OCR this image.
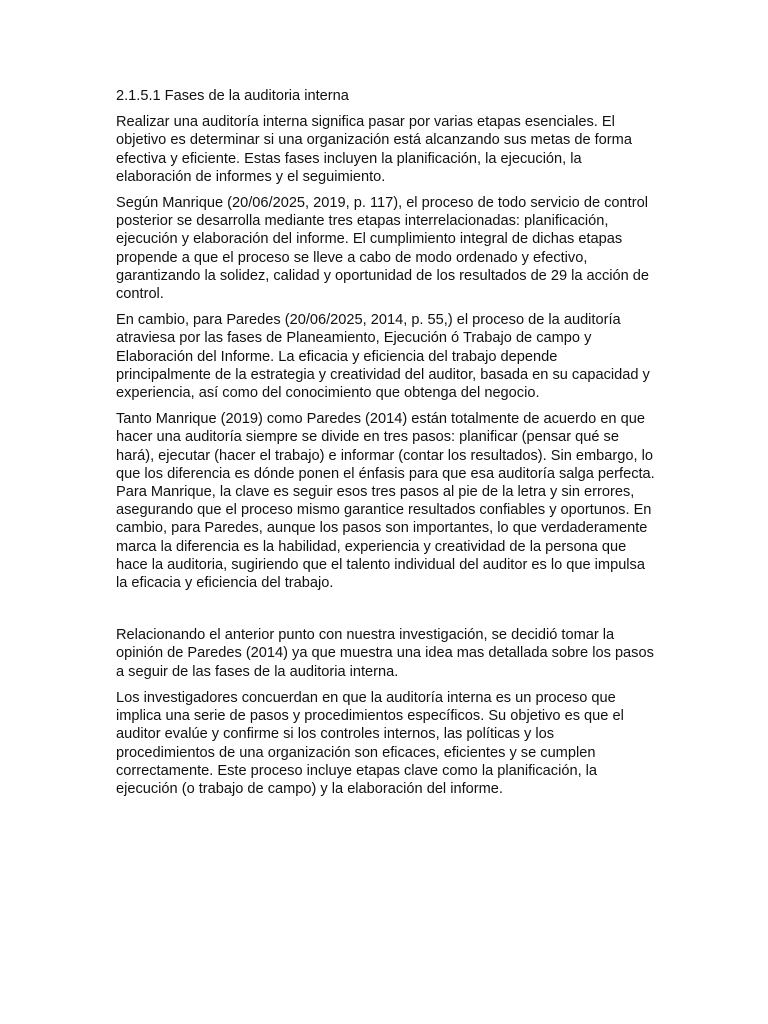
2.1.5.1 Fases de la auditoria interna

Realizar una auditoría interna significa pasar por varias etapas esenciales. El objetivo es determinar si una organización está alcanzando sus metas de forma efectiva y eficiente. Estas fases incluyen la planificación, la ejecución, la elaboración de informes y el seguimiento.

Según Manrique (20/06/2025, 2019, p. 117), el proceso de todo servicio de control posterior se desarrolla mediante tres etapas interrelacionadas: planificación, ejecución y elaboración del informe. El cumplimiento integral de dichas etapas propende a que el proceso se lleve a cabo de modo ordenado y efectivo, garantizando la solidez, calidad y oportunidad de los resultados de 29 la acción de control.

En cambio, para Paredes (20/06/2025, 2014, p. 55,) el proceso de la auditoría atraviesa por las fases de Planeamiento, Ejecución ó Trabajo de campo y Elaboración del Informe. La eficacia y eficiencia del trabajo depende principalmente de la estrategia y creatividad del auditor, basada en su capacidad y experiencia, así como del conocimiento que obtenga del negocio.

Tanto Manrique (2019) como Paredes (2014) están totalmente de acuerdo en que hacer una auditoría siempre se divide en tres pasos: planificar (pensar qué se hará), ejecutar (hacer el trabajo) e informar (contar los resultados). Sin embargo, lo que los diferencia es dónde ponen el énfasis para que esa auditoría salga perfecta. Para Manrique, la clave es seguir esos tres pasos al pie de la letra y sin errores, asegurando que el proceso mismo garantice resultados confiables y oportunos. En cambio, para Paredes, aunque los pasos son importantes, lo que verdaderamente marca la diferencia es la habilidad, experiencia y creatividad de la persona que hace la auditoria, sugiriendo que el talento individual del auditor es lo que impulsa la eficacia y eficiencia del trabajo.

Relacionando el anterior punto con nuestra investigación, se decidió tomar la opinión de Paredes (2014) ya que muestra una idea mas detallada sobre los pasos a seguir de las fases de la auditoria interna.

Los investigadores concuerdan en que la auditoría interna es un proceso que implica una serie de pasos y procedimientos específicos. Su objetivo es que el auditor evalúe y confirme si los controles internos, las políticas y los procedimientos de una organización son eficaces, eficientes y se cumplen correctamente. Este proceso incluye etapas clave como la planificación, la ejecución (o trabajo de campo) y la elaboración del informe.
